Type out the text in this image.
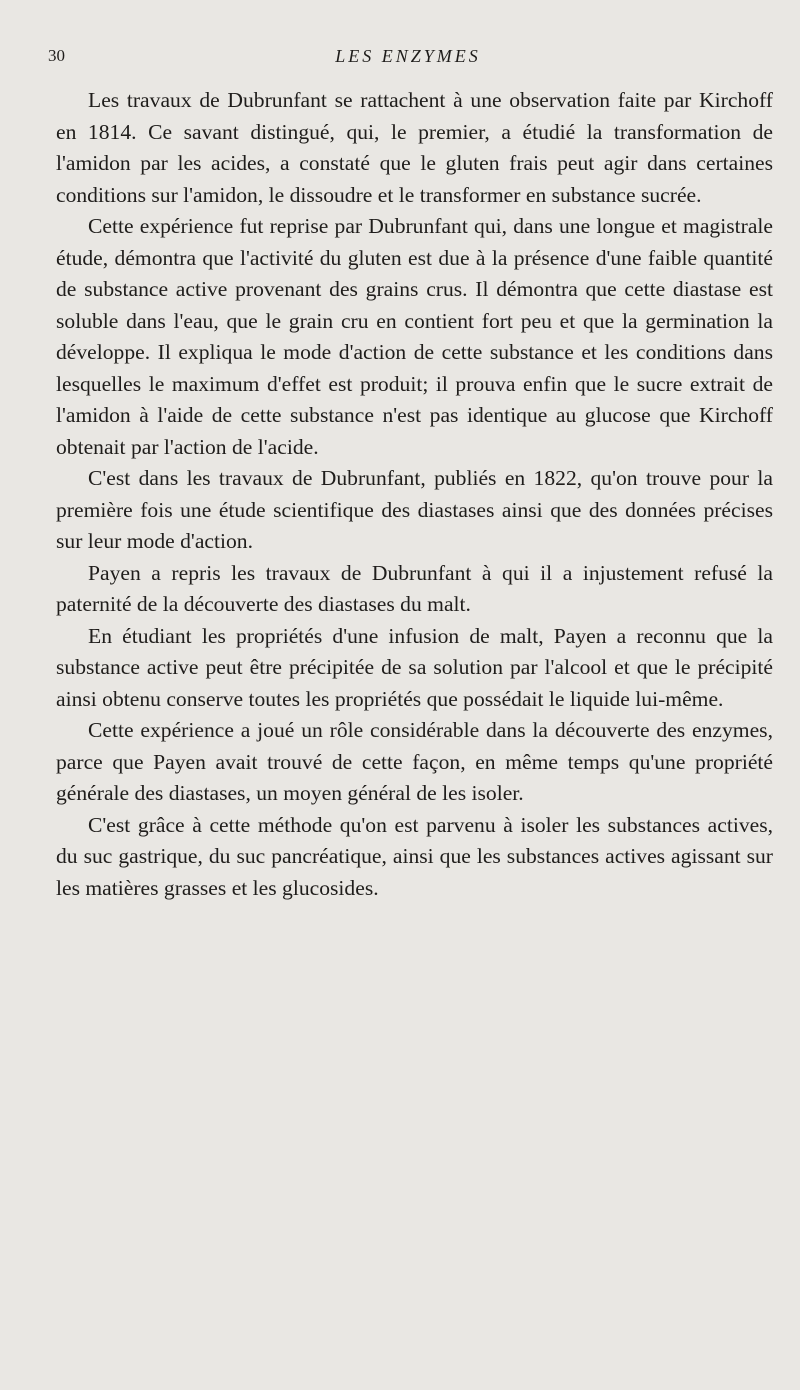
30	LES ENZYMES

Les travaux de Dubrunfant se rattachent à une observation faite par Kirchoff en 1814. Ce savant distingué, qui, le premier, a étudié la transformation de l'amidon par les acides, a constaté que le gluten frais peut agir dans certaines conditions sur l'amidon, le dissoudre et le transformer en substance sucrée.

Cette expérience fut reprise par Dubrunfant qui, dans une longue et magistrale étude, démontra que l'activité du gluten est due à la présence d'une faible quantité de substance active provenant des grains crus. Il démontra que cette diastase est soluble dans l'eau, que le grain cru en contient fort peu et que la germination la développe. Il expliqua le mode d'action de cette substance et les conditions dans lesquelles le maximum d'effet est produit; il prouva enfin que le sucre extrait de l'amidon à l'aide de cette substance n'est pas identique au glucose que Kirchoff obtenait par l'action de l'acide.

C'est dans les travaux de Dubrunfant, publiés en 1822, qu'on trouve pour la première fois une étude scientifique des diastases ainsi que des données précises sur leur mode d'action.

Payen a repris les travaux de Dubrunfant à qui il a injustement refusé la paternité de la découverte des diastases du malt.

En étudiant les propriétés d'une infusion de malt, Payen a reconnu que la substance active peut être précipitée de sa solution par l'alcool et que le précipité ainsi obtenu conserve toutes les propriétés que possédait le liquide lui-même.

Cette expérience a joué un rôle considérable dans la découverte des enzymes, parce que Payen avait trouvé de cette façon, en même temps qu'une propriété générale des diastases, un moyen général de les isoler.

C'est grâce à cette méthode qu'on est parvenu à isoler les substances actives, du suc gastrique, du suc pancréatique, ainsi que les substances actives agissant sur les matières grasses et les glucosides.
